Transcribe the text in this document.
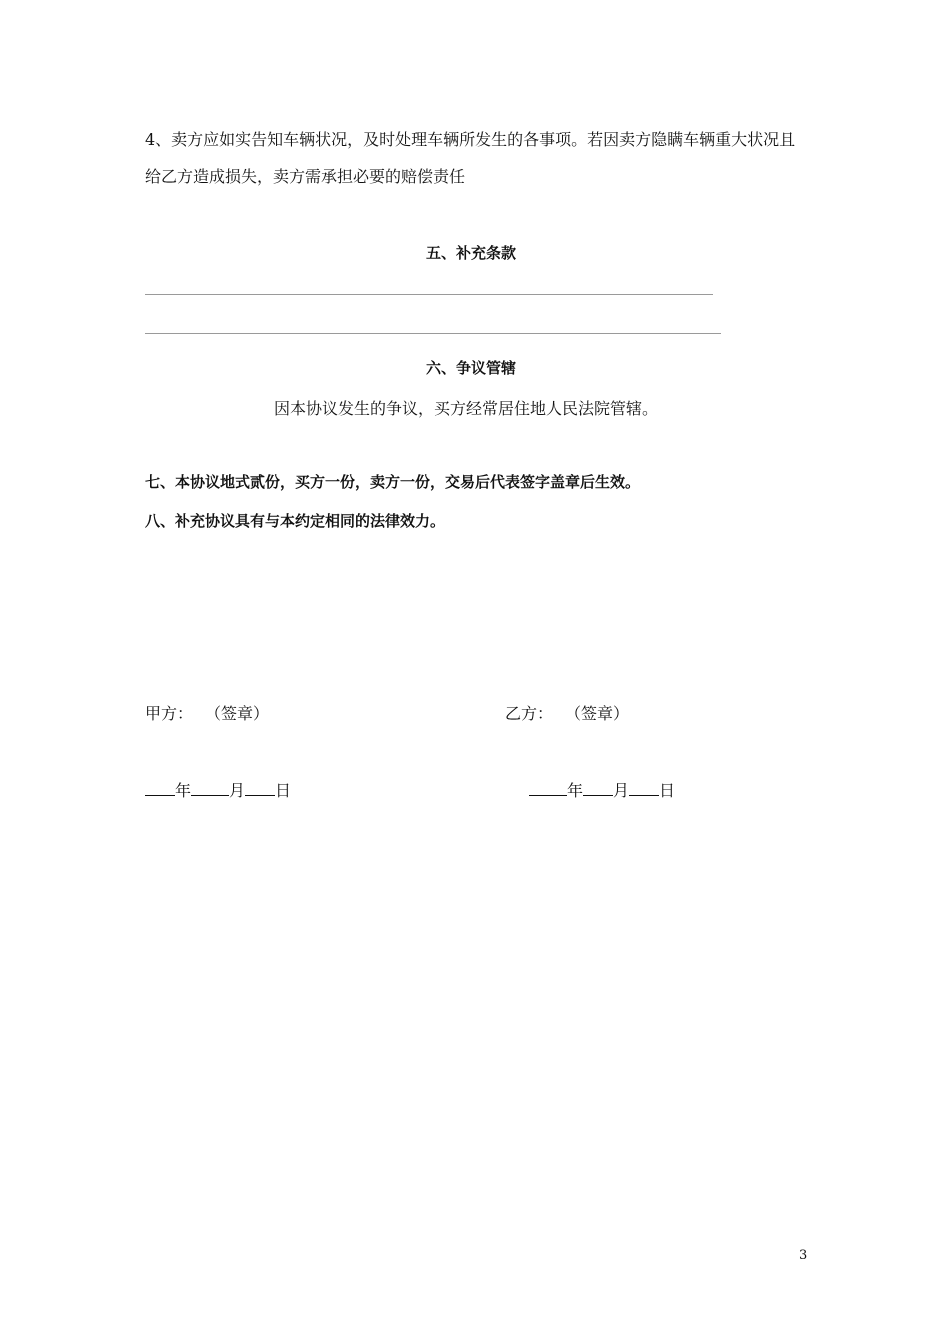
4、卖方应如实告知车辆状况，及时处理车辆所发生的各事项。若因卖方隐瞒车辆重大状况且
给乙方造成损失，卖方需承担必要的赔偿责任
五、补充条款
六、争议管辖
因本协议发生的争议，买方经常居住地人民法院管辖。
七、本协议地式贰份，买方一份，卖方一份，交易后代表签字盖章后生效。
八、补充协议具有与本约定相同的法律效力。
甲方： （签章）	乙方： （签章）
年 月 日	年 月 日
3
